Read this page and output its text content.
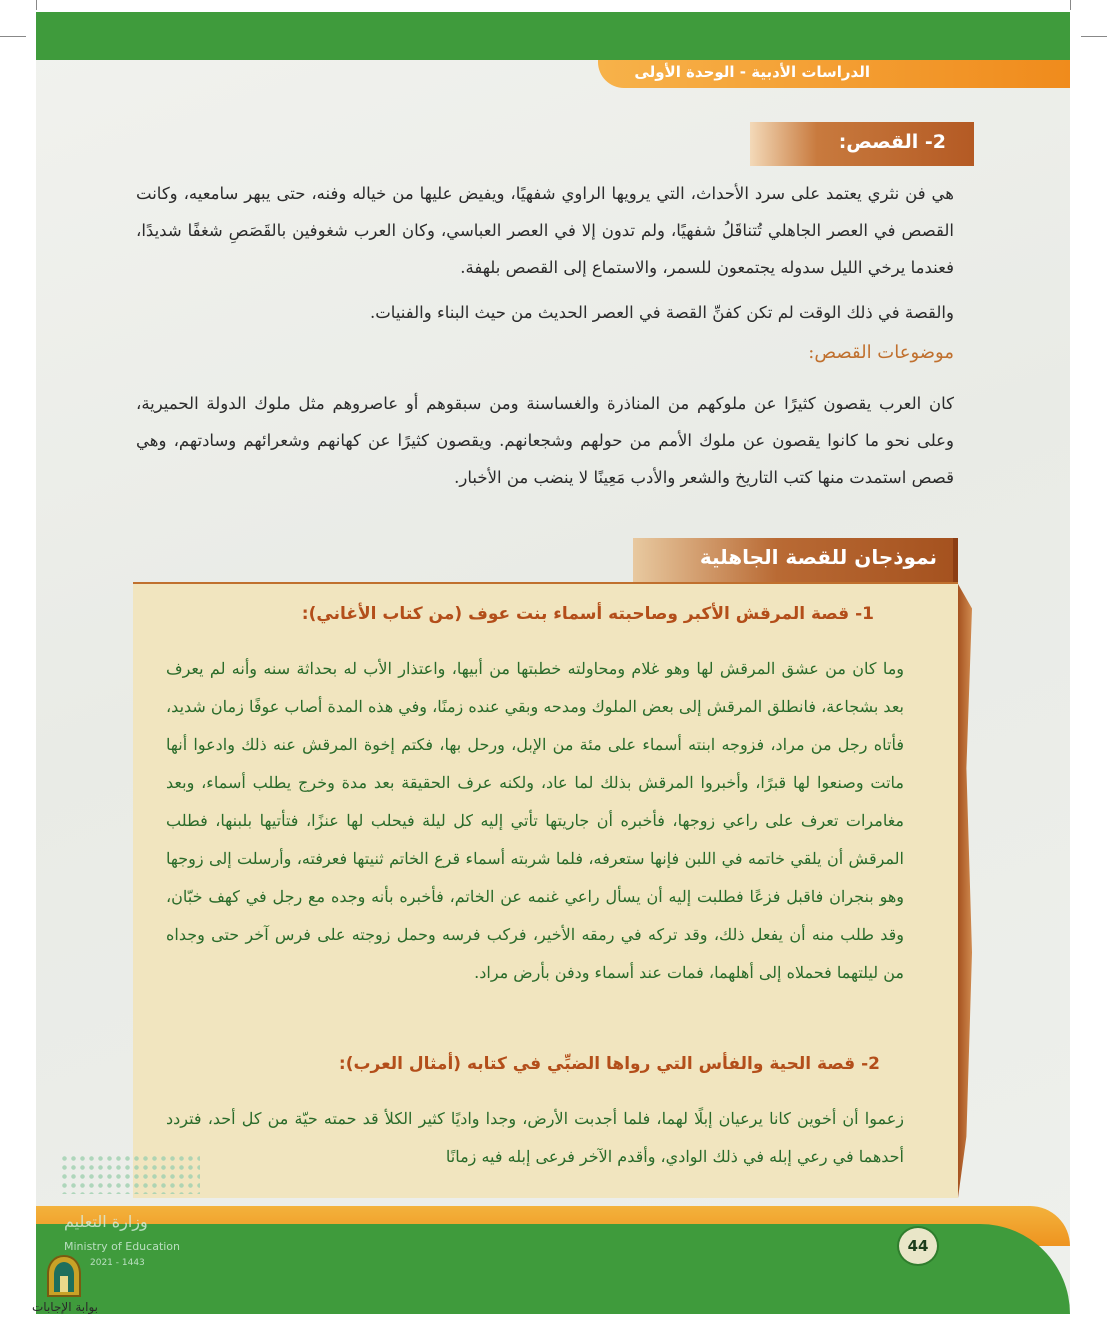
الدراسات الأدبية - الوحدة الأولى
2- القصص:
هي فن نثري يعتمد على سرد الأحداث، التي يرويها الراوي شفهيًا، ويفيض عليها من خياله وفنه، حتى يبهر سامعيه، وكانت القصص في العصر الجاهلي تُتناقَلُ شفهيًا، ولم تدون إلا في العصر العباسي، وكان العرب شغوفين بالقَصَصِ شغفًا شديدًا، فعندما يرخي الليل سدوله يجتمعون للسمر، والاستماع إلى القصص بلهفة.
والقصة في ذلك الوقت لم تكن كفنِّ القصة في العصر الحديث من حيث البناء والفنيات.
موضوعات القصص:
كان العرب يقصون كثيرًا عن ملوكهم من المناذرة والغساسنة ومن سبقوهم أو عاصروهم مثل ملوك الدولة الحميرية، وعلى نحو ما كانوا يقصون عن ملوك الأمم من حولهم وشجعانهم. ويقصون كثيرًا عن كهانهم وشعرائهم وسادتهم، وهي قصص استمدت منها كتب التاريخ والشعر والأدب مَعِينًا لا ينضب من الأخبار.
نموذجان للقصة الجاهلية
1- قصة المرقش الأكبر وصاحبته أسماء بنت عوف (من كتاب الأغاني):
وما كان من عشق المرقش لها وهو غلام ومحاولته خطبتها من أبيها، واعتذار الأب له بحداثة سنه وأنه لم يعرف بعد بشجاعة، فانطلق المرقش إلى بعض الملوك ومدحه وبقي عنده زمنًا، وفي هذه المدة أصاب عوفًا زمان شديد، فأتاه رجل من مراد، فزوجه ابنته أسماء على مئة من الإبل، ورحل بها، فكتم إخوة المرقش عنه ذلك وادعوا أنها ماتت وصنعوا لها قبرًا، وأخبروا المرقش بذلك لما عاد، ولكنه عرف الحقيقة بعد مدة وخرج يطلب أسماء، وبعد مغامرات تعرف على راعي زوجها، فأخبره أن جاريتها تأتي إليه كل ليلة فيحلب لها عنزًا، فتأتيها بلبنها، فطلب المرقش أن يلقي خاتمه في اللبن فإنها ستعرفه، فلما شربته أسماء قرع الخاتم ثنيتها فعرفته، وأرسلت إلى زوجها وهو بنجران فاقبل فزعًا فطلبت إليه أن يسأل راعي غنمه عن الخاتم، فأخبره بأنه وجده مع رجل في كهف خبّان، وقد طلب منه أن يفعل ذلك، وقد تركه في رمقه الأخير، فركب فرسه وحمل زوجته على فرس آخر حتى وجداه من ليلتهما فحملاه إلى أهلهما، فمات عند أسماء ودفن بأرض مراد.
2- قصة الحية والفأس التي رواها الضبِّي في كتابه (أمثال العرب):
زعموا أن أخوين كانا يرعيان إبلًا لهما، فلما أجدبت الأرض، وجدا واديًا كثير الكلأ قد حمته حيّة من كل أحد، فتردد أحدهما في رعي إبله في ذلك الوادي، وأقدم الآخر فرعى إبله فيه زمانًا
44
وزارة التعليم
Ministry of Education
2021 - 1443
بوابة الإجابات
